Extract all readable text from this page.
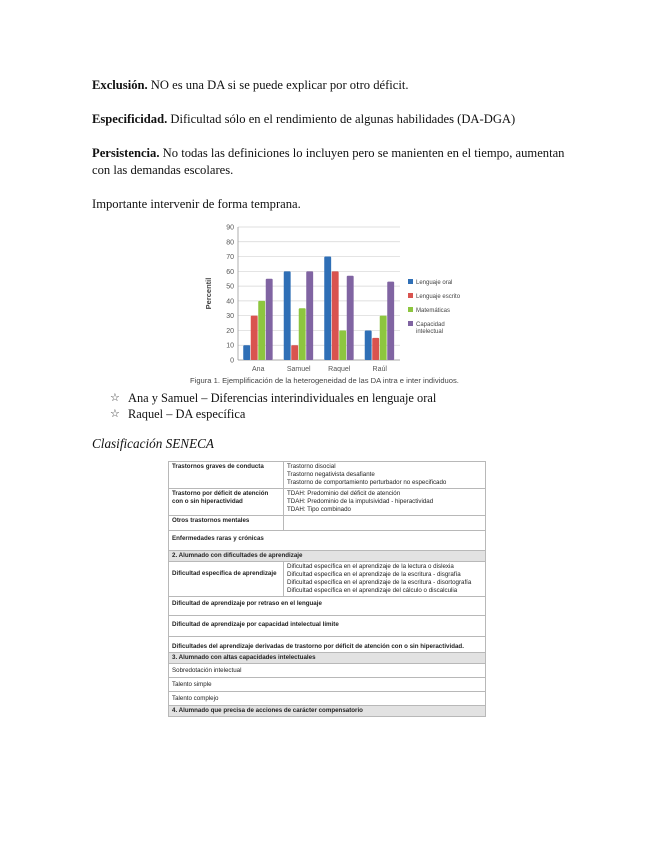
Exclusión. NO es una DA si se puede explicar por otro déficit.
Especificidad. Dificultad sólo en el rendimiento de algunas habilidades (DA-DGA)
Persistencia. No todas las definiciones lo incluyen pero se manienten en el tiempo, aumentan con las demandas escolares.
Importante intervenir de forma temprana.
0
10
20
30
40
50
60
70
80
90
Percentil
Ana	Samuel	Raquel	Raúl
Lenguaje oral
Lenguaje escrito
Matemáticas
Capacidad
intelectual
Figura 1. Ejemplificación de la heterogeneidad de las DA intra e inter individuos.
☆ Ana y Samuel – Diferencias interindividuales en lenguaje oral
☆ Raquel – DA específica
Clasificación SENECA
Trastornos graves de conducta	Trastorno disocial
Trastorno negativista desafiante
Trastorno de comportamiento perturbador no especificado

Trastorno por déficit de atención con o sin hiperactividad	TDAH: Predominio del déficit de atención
TDAH: Predominio de la impulsividad - hiperactividad
TDAH: Tipo combinado

Otros trastornos mentales	
Enfermedades raras y crónicas	
2. Alumnado con dificultades de aprendizaje	
Dificultad específica de aprendizaje	Dificultad específica en el aprendizaje de la lectura o dislexia
Dificultad específica en el aprendizaje de la escritura - disgrafía
Dificultad específica en el aprendizaje de la escritura - disortografía
Dificultad específica en el aprendizaje del cálculo o discalculia

Dificultad de aprendizaje por retraso en el lenguaje	
Dificultad de aprendizaje por capacidad intelectual límite	
Dificultades del aprendizaje derivadas de trastorno por déficit de atención con o sin hiperactividad.	
3. Alumnado con altas capacidades intelectuales	
Sobredotación intelectual	
Talento simple	
Talento complejo	
4. Alumnado que precisa de acciones de carácter compensatorio	
